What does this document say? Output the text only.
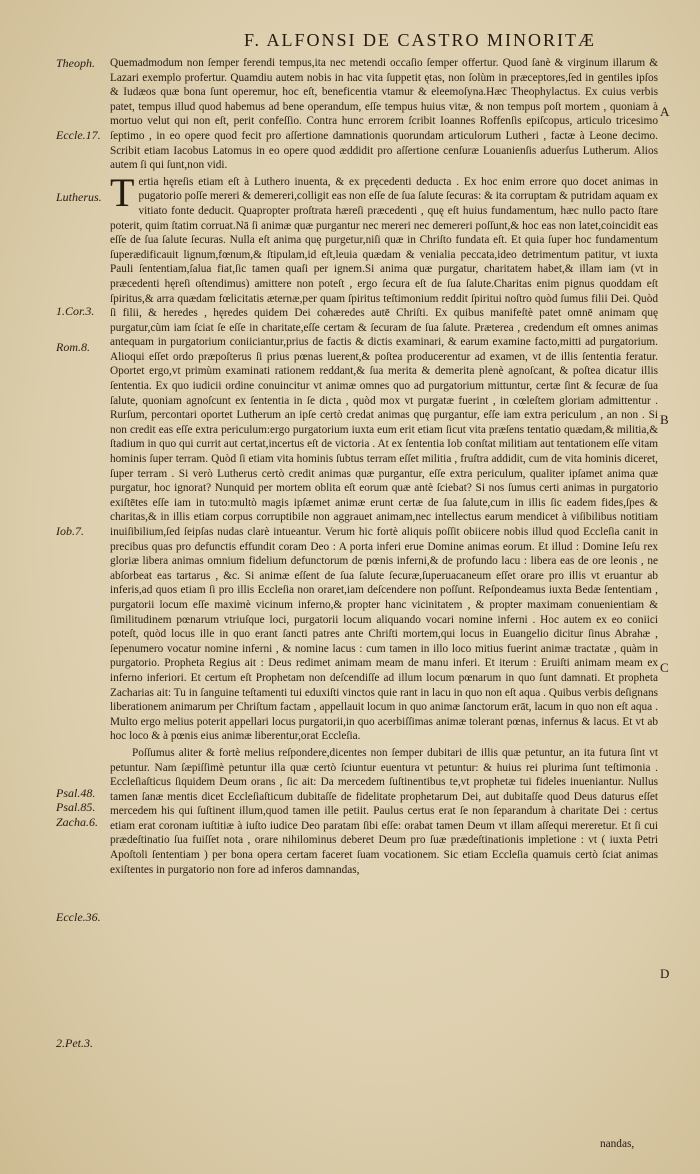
F. ALFONSI DE CASTRO MINORITÆ
Theoph.
Eccle.17.
Lutherus.
1.Cor.3.
Rom.8.
Iob.7.
Psal.48.
Psal.85.
Zacha.6.
Eccle.36.
2.Pet.3.
A
B
C
D

Quemadmodum non ſemper ferendi tempus,ita nec metendi occaſio ſemper offertur. Quod ſanè & virginum illarum & Lazari exemplo profertur. Quamdiu autem nobis in hac vita ſuppetit ętas, non ſolùm in præceptores,ſed in gentiles ipſos & Iudæos quæ bona ſunt operemur, hoc eſt, beneficentia vtamur & eleemoſyna.Hæc Theophylactus. Ex cuius verbis patet, tempus illud quod habemus ad bene operandum, eſſe tempus huius vitæ, & non tempus poſt mortem , quoniam à mortuo velut qui non eſt, perit confeſſio. Contra hunc errorem ſcribit Ioannes Roffenſis epiſcopus, articulo tricesimo ſeptimo , in eo opere quod fecit pro aſſertione damnationis quorundam articulorum Lutheri , factæ à Leone decimo. Scribit etiam Iacobus Latomus in eo opere quod æddidit pro aſſertione cenſuræ Louanienſis aduerſus Lutherum. Alios autem ſi qui ſunt,non vidi.

Tertia hęreſis etiam eſt à Luthero inuenta, & ex pręcedenti deducta . Ex hoc enim errore quo docet animas in pugatorio poſſe mereri & demereri,colligit eas non eſſe de ſua ſalute ſecuras: & ita corruptam & putridam aquam ex vitiato fonte deducit. Quapropter proſtrata hæreſi præcedenti , quę eſt huius fundamentum, hæc nullo pacto ſtare poterit, quim ſtatim corruat.Nā ſi animæ quæ purgantur nec mereri nec demereri poſſunt,& hoc eas non latet,coincidit eas eſſe de ſua ſalute ſecuras. Nulla eſt anima quę purgetur,niſi quæ in Chriſto fundata eſt. Et quia ſuper hoc fundamentum ſuperædificauit lignum,fœnum,& ſtipulam,id eſt,leuia quædam & venialia peccata,ideo detrimentum patitur, vt iuxta Pauli ſententiam,ſalua fiat,ſic tamen quaſi per ignem.Si anima quæ purgatur, charitatem habet,& illam iam (vt in præcedenti hęreſi oſtendimus) amittere non poteſt , ergo ſecura eſt de ſua ſalute.Charitas enim pignus quoddam eſt ſpiritus,& arra quædam fœlicitatis æternæ,per quam ſpiritus teſtimonium reddit ſpiritui noſtro quòd ſumus filii Dei. Quòd ſi filii, & heredes , hęredes quidem Dei cohæredes autē Chriſti. Ex quibus manifeſtè patet omnē animam quę purgatur,cùm iam ſciat ſe eſſe in charitate,eſſe certam & ſecuram de ſua ſalute. Præterea , credendum eſt omnes animas antequam in purgatorium coniiciantur,prius de factis & dictis examinari, & earum examine facto,mitti ad purgatorium. Alioqui eſſet ordo præpoſterus ſi prius pœnas luerent,& poſtea producerentur ad examen, vt de illis ſententia feratur. Oportet ergo,vt primùm examinati rationem reddant,& ſua merita & demerita plenè agnoſcant, & poſtea dicatur illis ſententia. Ex quo iudicii ordine conuincitur vt animæ omnes quo ad purgatorium mittuntur, certæ ſint & ſecuræ de ſua ſalute, quoniam agnoſcunt ex ſententia in ſe dicta , quòd mox vt purgatæ fuerint , in cœleſtem gloriam admittentur . Rurſum, percontari oportet Lutherum an ipſe certò credat animas quę purgantur, eſſe iam extra periculum , an non . Si non credit eas eſſe extra periculum:ergo purgatorium iuxta eum erit etiam ſicut vita præſens tentatio quædam,& militia,& ſtadium in quo qui currit aut certat,incertus eſt de victoria . At ex ſententia Iob conſtat militiam aut tentationem eſſe vitam hominis ſuper terram. Quòd ſi etiam vita hominis ſubtus terram eſſet militia , fruſtra addidit, cum de vita hominis diceret, ſuper terram . Si verò Lutherus certò credit animas quæ purgantur, eſſe extra periculum, qualiter ipſamet anima quæ purgatur, hoc ignorat? Nunquid per mortem oblita eſt eorum quæ antè ſciebat? Si nos ſumus certi animas in purgatorio exiſtētes eſſe iam in tuto:multò magis ipſæmet animæ erunt certæ de ſua ſalute,cum in illis ſic eadem fides,ſpes & charitas,& in illis etiam corpus corruptibile non aggrauet animam,nec intellectus earum mendicet à viſibilibus notitiam inuiſibilium,ſed ſeipſas nudas clarè intueantur. Verum hic fortè aliquis poſſit obiicere nobis illud quod Eccleſia canit in precibus quas pro defunctis effundit coram Deo : A porta inferi erue Domine animas eorum. Et illud : Domine Ieſu rex gloriæ libera animas omnium fidelium defunctorum de pœnis inferni,& de profundo lacu : libera eas de ore leonis , ne abſorbeat eas tartarus , &c. Si animæ eſſent de ſua ſalute ſecuræ,ſuperuacaneum eſſet orare pro illis vt eruantur ab inferis,ad quos etiam ſi pro illis Eccleſia non oraret,iam deſcendere non poſſunt. Reſpondeamus iuxta Bedæ ſententiam , purgatorii locum eſſe maximè vicinum inferno,& propter hanc vicinitatem , & propter maximam conuenientiam & ſimilitudinem pœnarum vtriuſque loci, purgatorii locum aliquando vocari nomine inferni . Hoc autem ex eo coniici poteſt, quòd locus ille in quo erant ſancti patres ante Chriſti mortem,qui locus in Euangelio dicitur ſinus Abrahæ , ſepenumero vocatur nomine inferni , & nomine lacus : cum tamen in illo loco mitius fuerint animæ tractatæ , quàm in purgatorio. Propheta Regius ait : Deus redimet animam meam de manu inferi. Et iterum : Eruiſti animam meam ex inferno inferiori. Et certum eſt Prophetam non deſcendiſſe ad illum locum pœnarum in quo ſunt damnati. Et propheta Zacharias ait: Tu in ſanguine teſtamenti tui eduxiſti vinctos quie rant in lacu in quo non eſt aqua . Quibus verbis deſignans liberationem animarum per Chriſtum factam , appellauit locum in quo animæ ſanctorum erāt, lacum in quo non eſt aqua . Multo ergo melius poterit appellari locus purgatorii,in quo acerbiſſimas animæ tolerant pœnas, infernus & lacus. Et vt ab hoc loco & à pœnis eius animæ liberentur,orat Eccleſia.

Poſſumus aliter & fortè melius reſpondere,dicentes non ſemper dubitari de illis quæ petuntur, an ita futura ſint vt petuntur. Nam ſæpiſſimè petuntur illa quæ certò ſciuntur euentura vt petuntur: & huius rei plurima ſunt teſtimonia . Eccleſiaſticus ſiquidem Deum orans , ſic ait: Da mercedem ſuſtinentibus te,vt prophetæ tui fideles inueniantur. Nullus tamen ſanæ mentis dicet Eccleſiaſticum dubitaſſe de fidelitate prophetarum Dei, aut dubitaſſe quod Deus daturus eſſet mercedem his qui ſuſtinent illum,quod tamen ille petiit. Paulus certus erat ſe non ſeparandum à charitate Dei : certus etiam erat coronam iuſtitiæ à iuſto iudice Deo paratam ſibi eſſe: orabat tamen Deum vt illam aſſequi mereretur. Et ſi cui prædeſtinatio ſua fuiſſet nota , orare nihilominus deberet Deum pro ſuæ prædeſtinationis impletione : vt ( iuxta Petri Apoſtoli ſententiam ) per bona opera certam faceret ſuam vocationem. Sic etiam Eccleſia quamuis certò ſciat animas exiſtentes in purgatorio non fore ad inferos damnandas,

nandas,
